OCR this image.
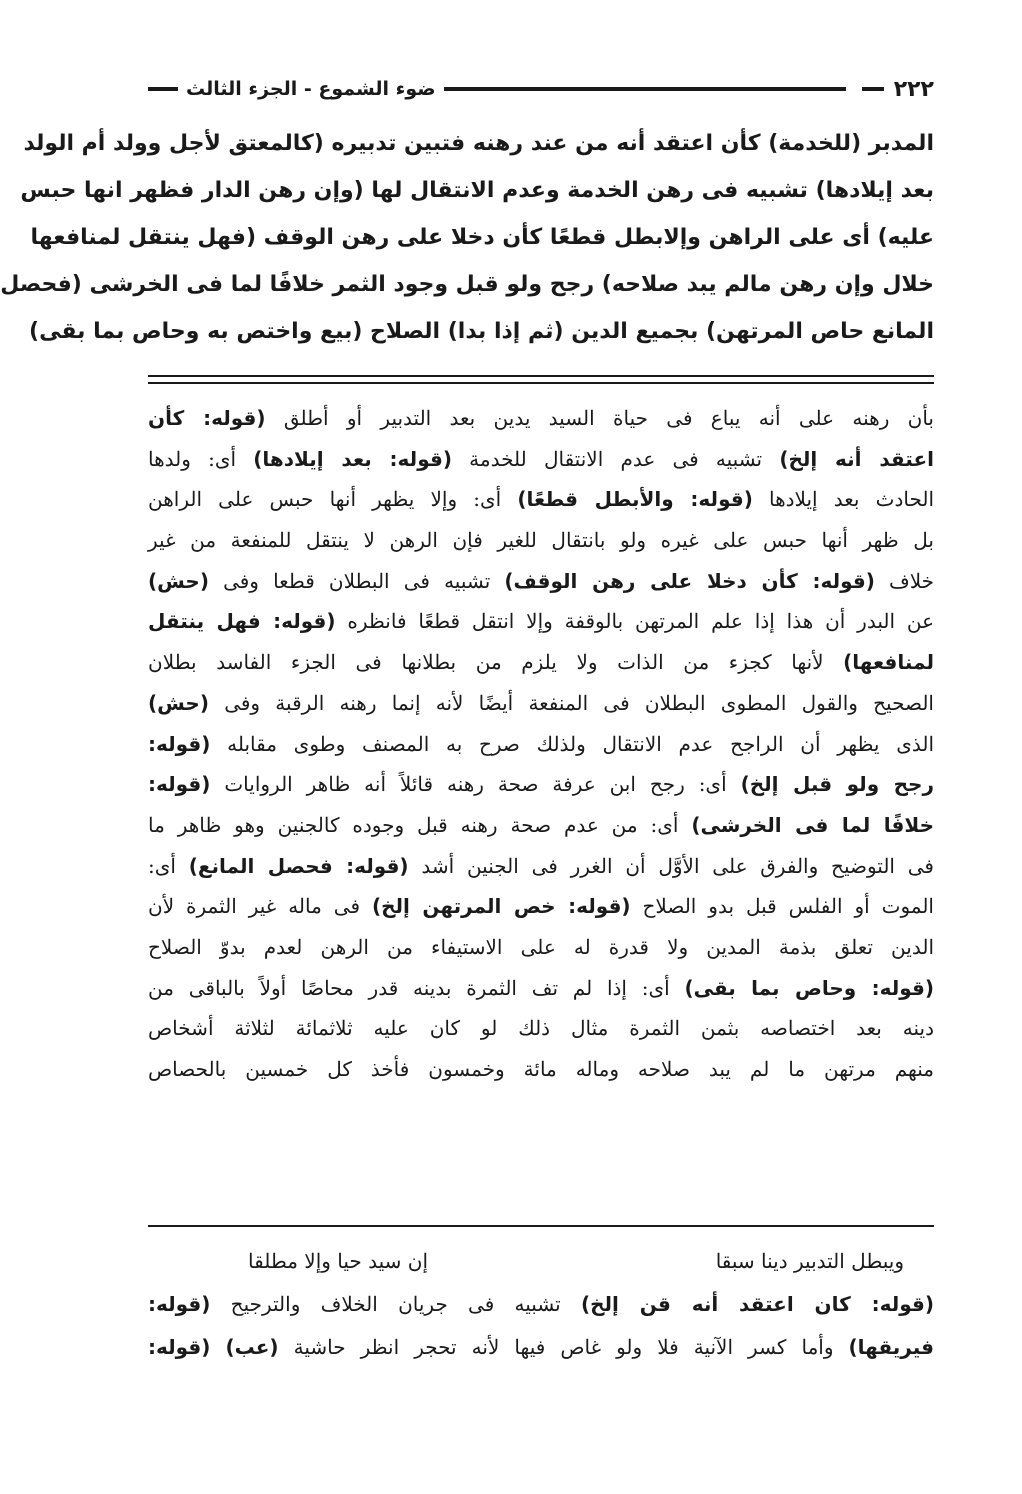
٢٢٢
ضوء الشموع - الجزء الثالث
المدبر (للخدمة) كأن اعتقد أنه من عند رهنه فتبين تدبيره (كالمعتق لأجل وولد أم الولد
بعد إيلادها) تشبيه فى رهن الخدمة وعدم الانتقال لها (وإن رهن الدار فظهر انها حبس
عليه) أى على الراهن وإلابطل قطعًا كأن دخلا على رهن الوقف (فهل ينتقل لمنافعها
خلال وإن رهن مالم يبد صلاحه) رجح ولو قبل وجود الثمر خلافًا لما فى الخرشى (فحصل
المانع حاص المرتهن) بجميع الدين (ثم إذا بدا) الصلاح (بيع واختص به وحاص بما بقى)
بأن رهنه على أنه يباع فى حياة السيد يدين بعد التدبير أو أطلق (قوله: كأن
اعتقد أنه إلخ) تشبيه فى عدم الانتقال للخدمة (قوله: بعد إيلادها) أى: ولدها
الحادث بعد إيلادها (قوله: والأبطل قطعًا) أى: وإلا يظهر أنها حبس على الراهن
بل ظهر أنها حبس على غيره ولو بانتقال للغير فإن الرهن لا ينتقل للمنفعة من غير
خلاف (قوله: كأن دخلا على رهن الوقف) تشبيه فى البطلان قطعا وفى (حش)
عن البدر أن هذا إذا علم المرتهن بالوقفة وإلا انتقل قطعًا فانظره (قوله: فهل ينتقل
لمنافعها) لأنها كجزء من الذات ولا يلزم من بطلانها فى الجزء الفاسد بطلان
الصحيح والقول المطوى البطلان فى المنفعة أيضًا لأنه إنما رهنه الرقبة وفى (حش)
الذى يظهر أن الراجح عدم الانتقال ولذلك صرح به المصنف وطوى مقابله (قوله:
رجح ولو قبل إلخ) أى: رجح ابن عرفة صحة رهنه قائلاً أنه ظاهر الروايات (قوله:
خلافًا لما فى الخرشى) أى: من عدم صحة رهنه قبل وجوده كالجنين وهو ظاهر ما
فى التوضيح والفرق على الأوَّل أن الغرر فى الجنين أشد (قوله: فحصل المانع) أى:
الموت أو الفلس قبل بدو الصلاح (قوله: خص المرتهن إلخ) فى ماله غير الثمرة لأن
الدين تعلق بذمة المدين ولا قدرة له على الاستيفاء من الرهن لعدم بدوّ الصلاح
(قوله: وحاص بما بقى) أى: إذا لم تف الثمرة بدينه قدر محاصًا أولاً بالباقى من
دينه بعد اختصاصه بثمن الثمرة مثال ذلك لو كان عليه ثلاثمائة لثلاثة أشخاص
منهم مرتهن ما لم يبد صلاحه وماله مائة وخمسون فأخذ كل خمسين بالحصاص
ويبطل التدبير دينا سبقا
إن سيد حيا وإلا مطلقا
(قوله: كان اعتقد أنه قن إلخ) تشبيه فى جريان الخلاف والترجيح (قوله:
فيريقها) وأما كسر الآنية فلا ولو غاص فيها لأنه تحجر انظر حاشية (عب) (قوله:
